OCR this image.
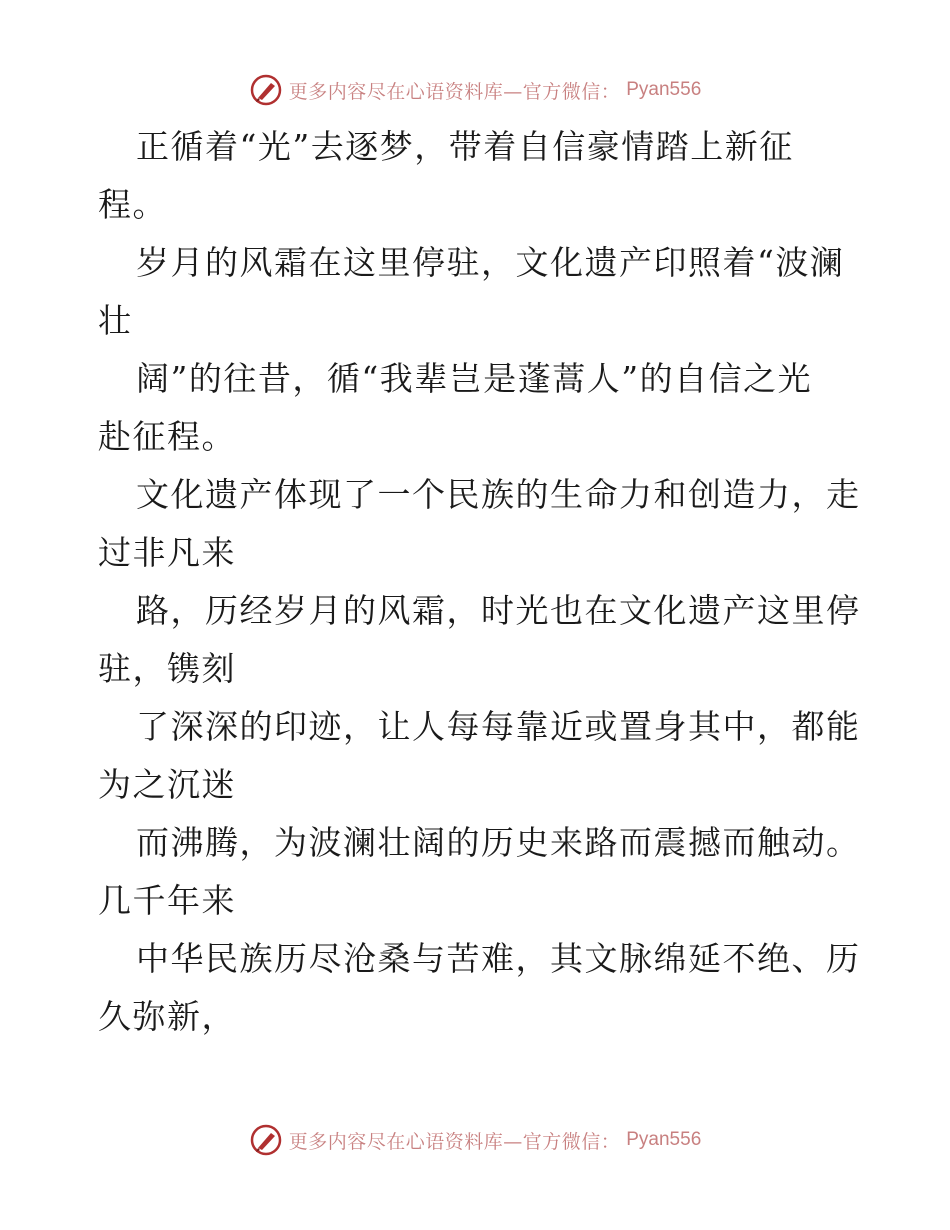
更多内容尽在心语资料库—官方微信： Pyan556
正循着“光”去逐梦，带着自信豪情踏上新征
程。
岁月的风霜在这里停驻，文化遗产印照着“波澜
壮
阔”的往昔，循“我辈岂是蓬蒿人”的自信之光
赴征程。
文化遗产体现了一个民族的生命力和创造力，走
过非凡来
路，历经岁月的风霜，时光也在文化遗产这里停
驻，镌刻
了深深的印迹，让人每每靠近或置身其中，都能
为之沉迷
而沸腾，为波澜壮阔的历史来路而震撼而触动。
几千年来
中华民族历尽沧桑与苦难，其文脉绵延不绝、历
久弥新，
更多内容尽在心语资料库—官方微信： Pyan556
